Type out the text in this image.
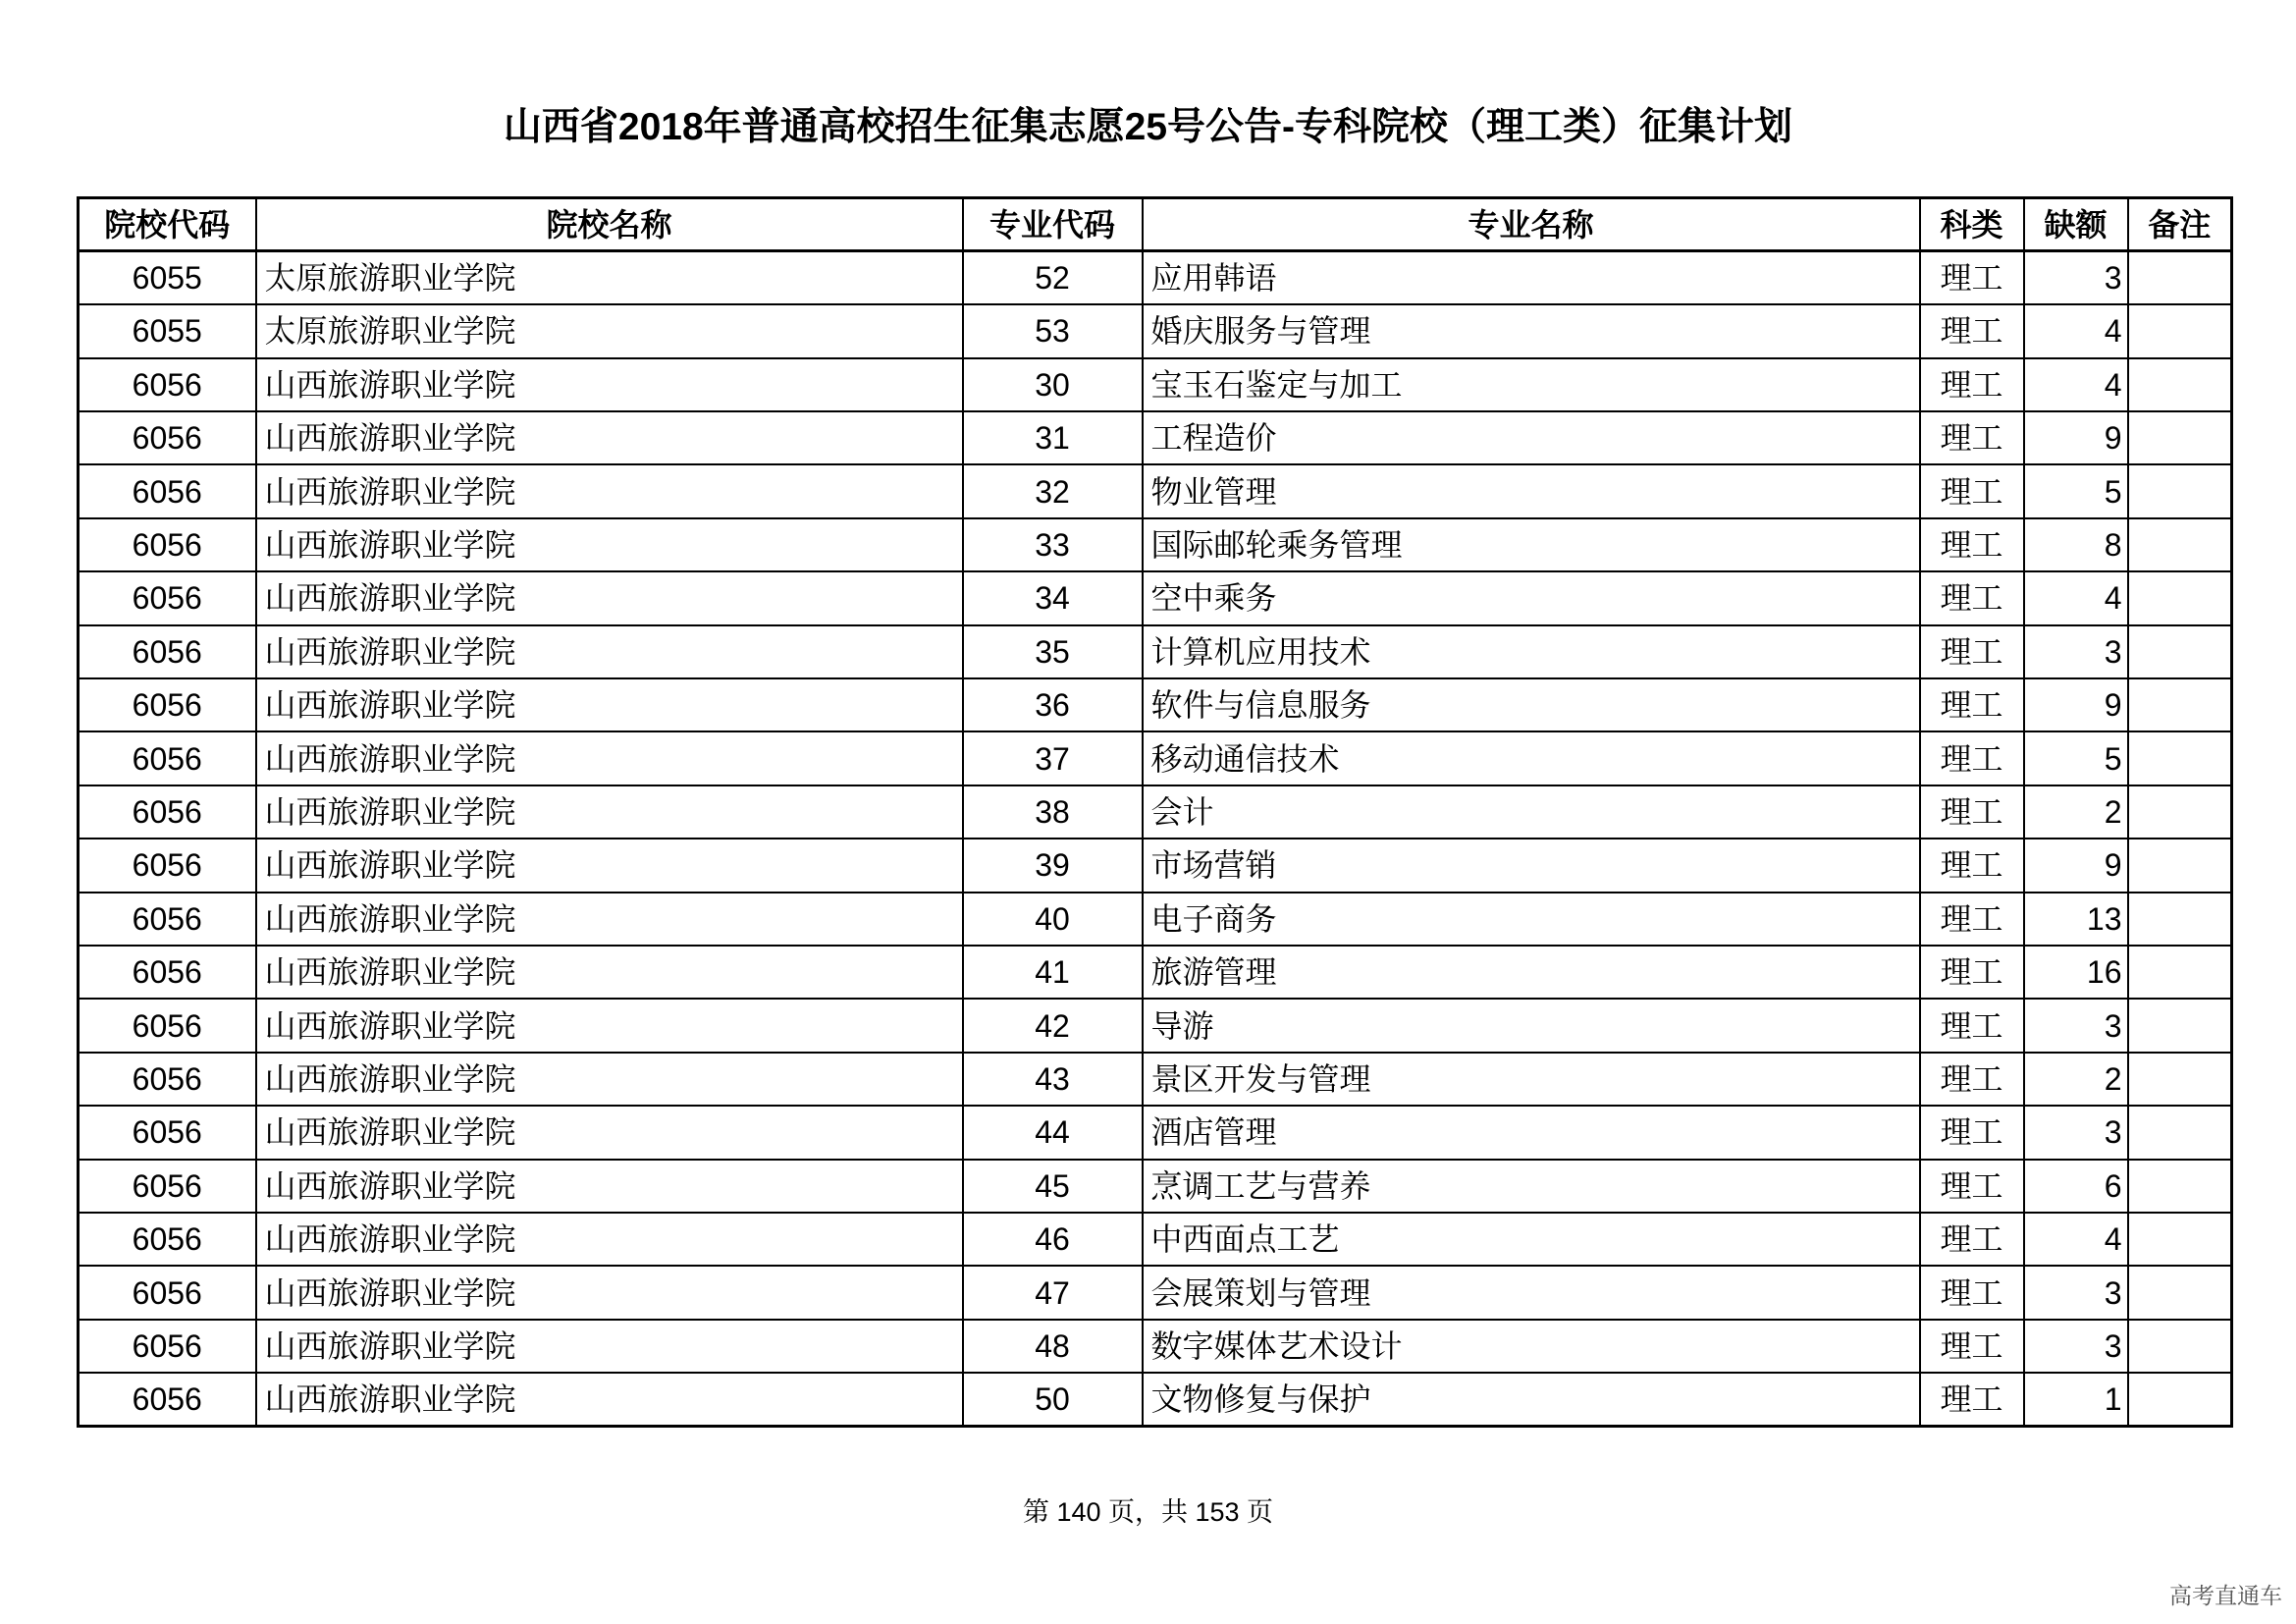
山西省2018年普通高校招生征集志愿25号公告-专科院校（理工类）征集计划
院校代码	院校名称	专业代码	专业名称	科类	缺额	备注
6055	太原旅游职业学院	52	应用韩语	理工	3	
6055	太原旅游职业学院	53	婚庆服务与管理	理工	4	
6056	山西旅游职业学院	30	宝玉石鉴定与加工	理工	4	
6056	山西旅游职业学院	31	工程造价	理工	9	
6056	山西旅游职业学院	32	物业管理	理工	5	
6056	山西旅游职业学院	33	国际邮轮乘务管理	理工	8	
6056	山西旅游职业学院	34	空中乘务	理工	4	
6056	山西旅游职业学院	35	计算机应用技术	理工	3	
6056	山西旅游职业学院	36	软件与信息服务	理工	9	
6056	山西旅游职业学院	37	移动通信技术	理工	5	
6056	山西旅游职业学院	38	会计	理工	2	
6056	山西旅游职业学院	39	市场营销	理工	9	
6056	山西旅游职业学院	40	电子商务	理工	13	
6056	山西旅游职业学院	41	旅游管理	理工	16	
6056	山西旅游职业学院	42	导游	理工	3	
6056	山西旅游职业学院	43	景区开发与管理	理工	2	
6056	山西旅游职业学院	44	酒店管理	理工	3	
6056	山西旅游职业学院	45	烹调工艺与营养	理工	6	
6056	山西旅游职业学院	46	中西面点工艺	理工	4	
6056	山西旅游职业学院	47	会展策划与管理	理工	3	
6056	山西旅游职业学院	48	数字媒体艺术设计	理工	3	
6056	山西旅游职业学院	50	文物修复与保护	理工	1	
第 140 页，共 153 页
高考直通车
